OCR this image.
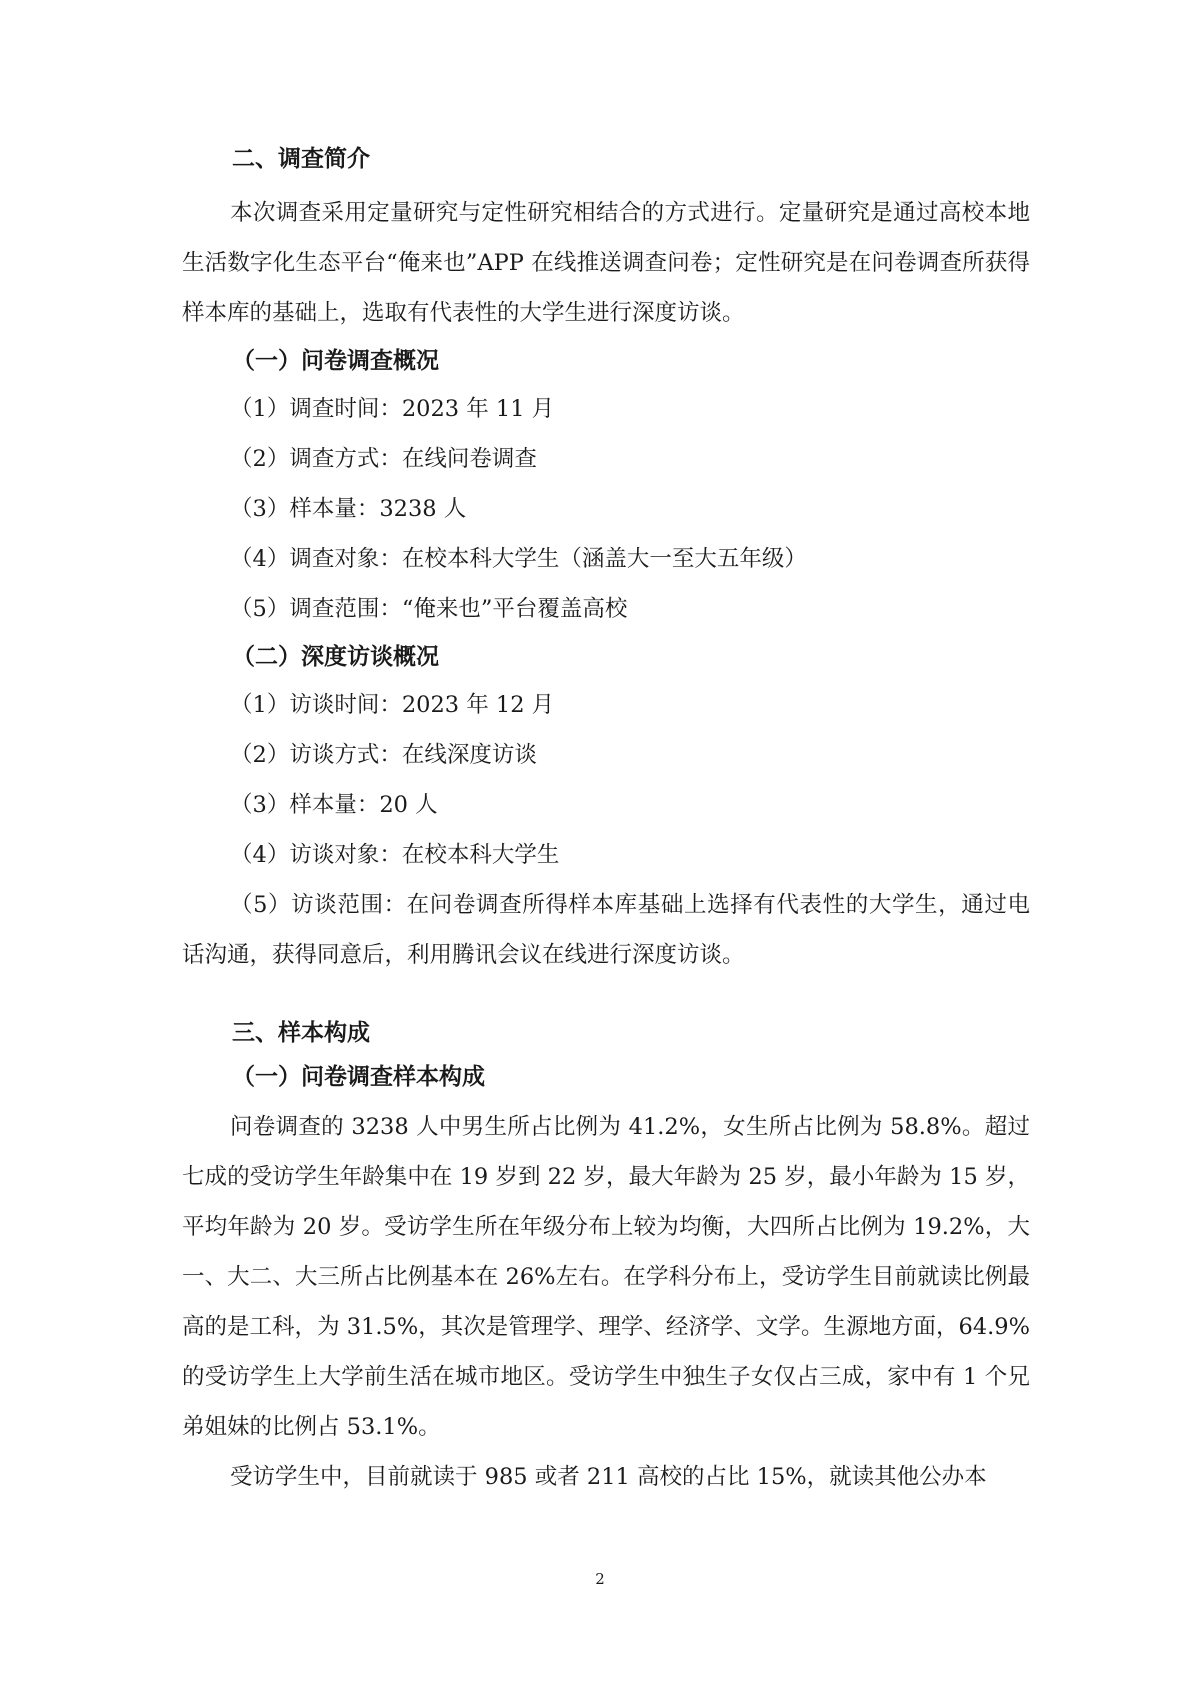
二、调查简介

本次调查采用定量研究与定性研究相结合的方式进行。定量研究是通过高校本地生活数字化生态平台“俺来也”APP 在线推送调查问卷；定性研究是在问卷调查所获得样本库的基础上，选取有代表性的大学生进行深度访谈。

（一）问卷调查概况

（1）调查时间：2023 年 11 月

（2）调查方式：在线问卷调查

（3）样本量：3238 人

（4）调查对象：在校本科大学生（涵盖大一至大五年级）

（5）调查范围：“俺来也”平台覆盖高校

（二）深度访谈概况

（1）访谈时间：2023 年 12 月

（2）访谈方式：在线深度访谈

（3）样本量：20 人

（4）访谈对象：在校本科大学生

（5）访谈范围：在问卷调查所得样本库基础上选择有代表性的大学生，通过电话沟通，获得同意后，利用腾讯会议在线进行深度访谈。

三、样本构成
（一）问卷调查样本构成

问卷调查的 3238 人中男生所占比例为 41.2%，女生所占比例为 58.8%。超过七成的受访学生年龄集中在 19 岁到 22 岁，最大年龄为 25 岁，最小年龄为 15 岁，平均年龄为 20 岁。受访学生所在年级分布上较为均衡，大四所占比例为 19.2%，大一、大二、大三所占比例基本在 26%左右。在学科分布上，受访学生目前就读比例最高的是工科，为 31.5%，其次是管理学、理学、经济学、文学。生源地方面，64.9%的受访学生上大学前生活在城市地区。受访学生中独生子女仅占三成，家中有 1 个兄弟姐妹的比例占 53.1%。

受访学生中，目前就读于 985 或者 211 高校的占比 15%，就读其他公办本

2
